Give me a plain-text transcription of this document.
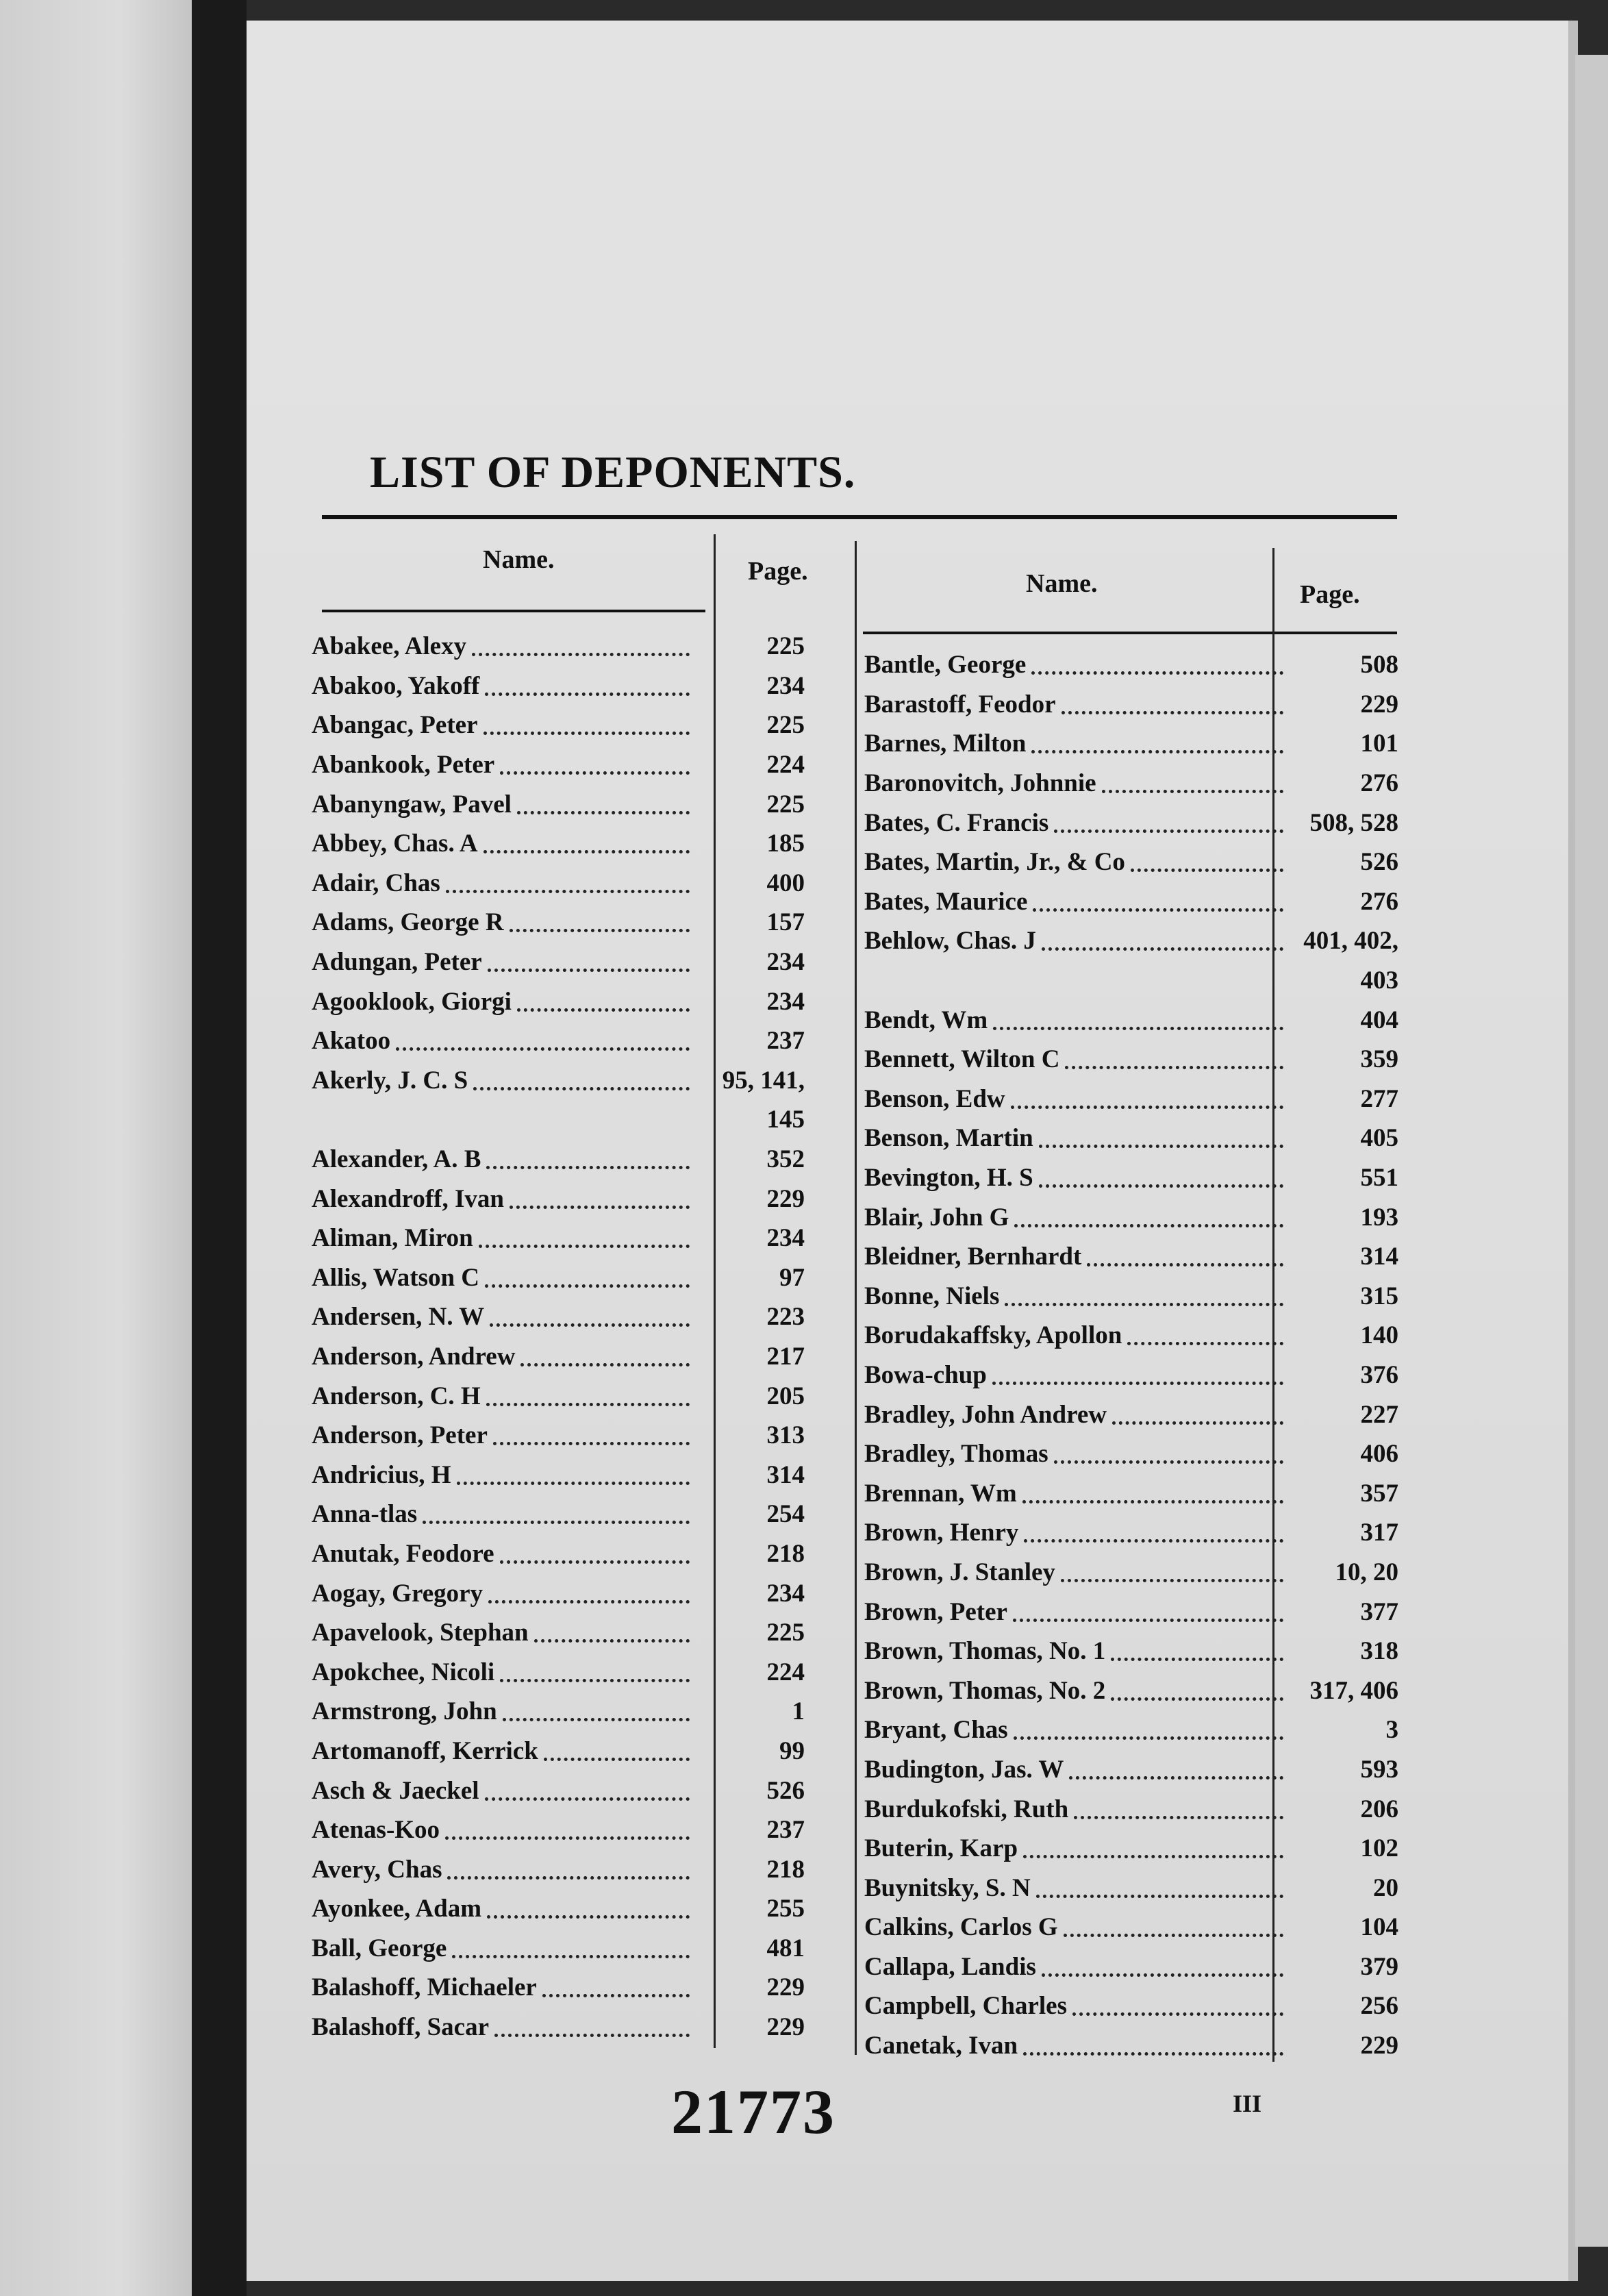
LIST OF DEPONENTS.
Name.	Page.	Name.	Page.
Abakee, Alexy	225
Abakoo, Yakoff	234
Abangac, Peter	225
Abankook, Peter	224
Abanyngaw, Pavel	225
Abbey, Chas. A	185
Adair, Chas	400
Adams, George R	157
Adungan, Peter	234
Agooklook, Giorgi	234
Akatoo	237
Akerly, J. C. S	95, 141,
145
Alexander, A. B	352
Alexandroff, Ivan	229
Aliman, Miron	234
Allis, Watson C	97
Andersen, N. W	223
Anderson, Andrew	217
Anderson, C. H	205
Anderson, Peter	313
Andricius, H	314
Anna-tlas	254
Anutak, Feodore	218
Aogay, Gregory	234
Apavelook, Stephan	225
Apokchee, Nicoli	224
Armstrong, John	1
Artomanoff, Kerrick	99
Asch & Jaeckel	526
Atenas-Koo	237
Avery, Chas	218
Ayonkee, Adam	255
Ball, George	481
Balashoff, Michaeler	229
Balashoff, Sacar	229
Bantle, George	508
Barastoff, Feodor	229
Barnes, Milton	101
Baronovitch, Johnnie	276
Bates, C. Francis	508, 528
Bates, Martin, Jr., & Co	526
Bates, Maurice	276
Behlow, Chas. J	401, 402,
403
Bendt, Wm	404
Bennett, Wilton C	359
Benson, Edw	277
Benson, Martin	405
Bevington, H. S	551
Blair, John G	193
Bleidner, Bernhardt	314
Bonne, Niels	315
Borudakaffsky, Apollon	140
Bowa-chup	376
Bradley, John Andrew	227
Bradley, Thomas	406
Brennan, Wm	357
Brown, Henry	317
Brown, J. Stanley	10, 20
Brown, Peter	377
Brown, Thomas, No. 1	318
Brown, Thomas, No. 2	317, 406
Bryant, Chas	3
Budington, Jas. W	593
Burdukofski, Ruth	206
Buterin, Karp	102
Buynitsky, S. N	20
Calkins, Carlos G	104
Callapa, Landis	379
Campbell, Charles	256
Canetak, Ivan	229
21773	III
